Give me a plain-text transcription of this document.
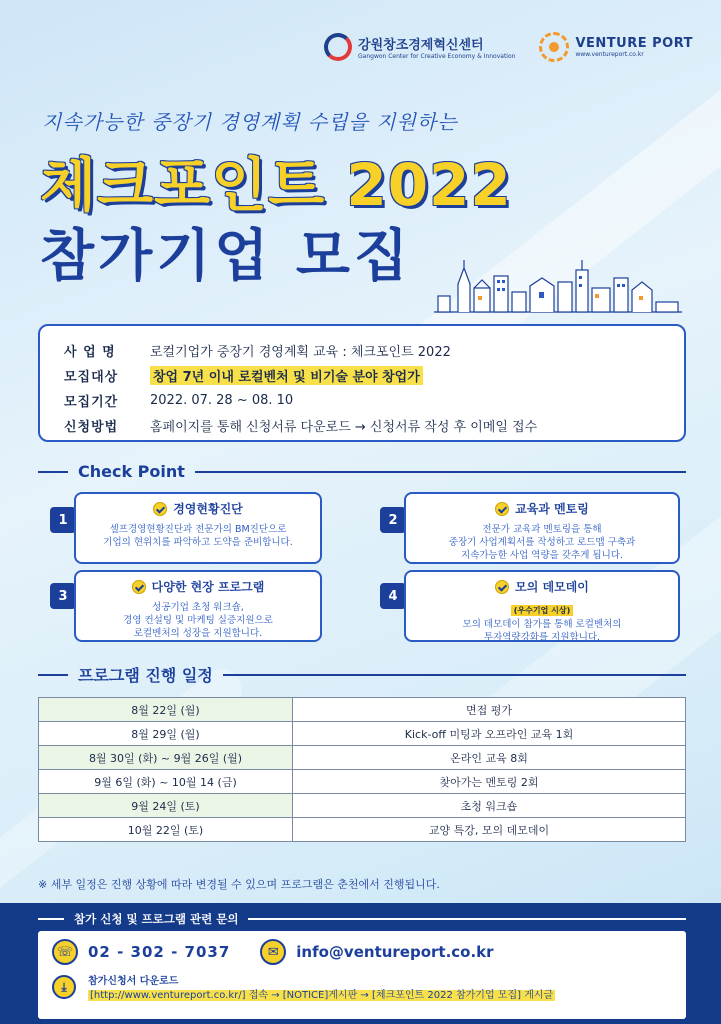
강원창조경제혁신센터
Gangwon Center for Creative Economy & Innovation
VENTURE PORT
www.ventureport.co.kr
지속가능한 중장기 경영계획 수립을 지원하는
체크포인트 2022
참가기업 모집
사 업 명	로컬기업가 중장기 경영계획 교육 : 체크포인트 2022
모집대상	창업 7년 이내 로컬벤처 및 비기술 분야 창업가
모집기간	2022. 07. 28 ~ 08. 10
신청방법	홈페이지를 통해 신청서류 다운로드 → 신청서류 작성 후 이메일 접수
Check Point
1
경영현황진단
셀프경영현황진단과 전문가의 BM진단으로
기업의 현위치를 파악하고 도약을 준비합니다.
2
교육과 멘토링
전문가 교육과 멘토링을 통해
중장기 사업계획서를 작성하고 로드맵 구축과
지속가능한 사업 역량을 갖추게 됩니다.
3
다양한 현장 프로그램
성공기업 초청 워크숍,
경영 컨설팅 및 마케팅 실증지원으로
로컬벤처의 성장을 지원합니다.
4
모의 데모데이
(우수기업 시상)
모의 데모데이 참가를 통해 로컬벤처의
투자역량강화를 지원합니다.
프로그램 진행 일정
8월 22일 (월)	면접 평가
8월 29일 (월)	Kick-off 미팅과 오프라인 교육 1회
8월 30일 (화) ~ 9월 26일 (월)	온라인 교육 8회
9월 6일 (화) ~ 10월 14 (금)	찾아가는 멘토링 2회
9월 24일 (토)	초청 워크숍
10월 22일 (토)	교양 특강, 모의 데모데이
※ 세부 일정은 진행 상황에 따라 변경될 수 있으며 프로그램은 춘천에서 진행됩니다.
참가 신청 및 프로그램 관련 문의
☏ 02 - 302 - 7037	✉	info@ventureport.co.kr
⤓	참가신청서 다운로드
[http://www.ventureport.co.kr/] 접속 → [NOTICE]게시판 → [체크포인트 2022 참가기업 모집] 게시글
